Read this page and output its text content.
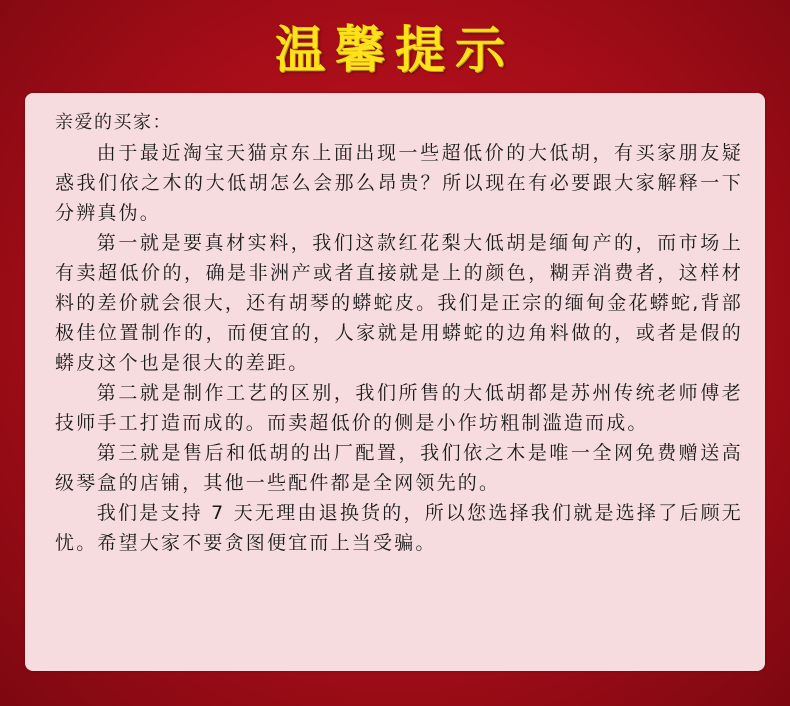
温馨提示

亲爱的买家：

由于最近淘宝天猫京东上面出现一些超低价的大低胡，有买家朋友疑惑我们依之木的大低胡怎么会那么昂贵？所以现在有必要跟大家解释一下分辨真伪。

第一就是要真材实料，我们这款红花梨大低胡是缅甸产的，而市场上有卖超低价的，确是非洲产或者直接就是上的颜色，糊弄消费者，这样材料的差价就会很大，还有胡琴的蟒蛇皮。我们是正宗的缅甸金花蟒蛇,背部极佳位置制作的，而便宜的，人家就是用蟒蛇的边角料做的，或者是假的蟒皮这个也是很大的差距。

第二就是制作工艺的区别，我们所售的大低胡都是苏州传统老师傅老技师手工打造而成的。而卖超低价的侧是小作坊粗制滥造而成。

第三就是售后和低胡的出厂配置，我们依之木是唯一全网免费赠送高级琴盒的店铺，其他一些配件都是全网领先的。

我们是支持 7 天无理由退换货的，所以您选择我们就是选择了后顾无忧。希望大家不要贪图便宜而上当受骗。
